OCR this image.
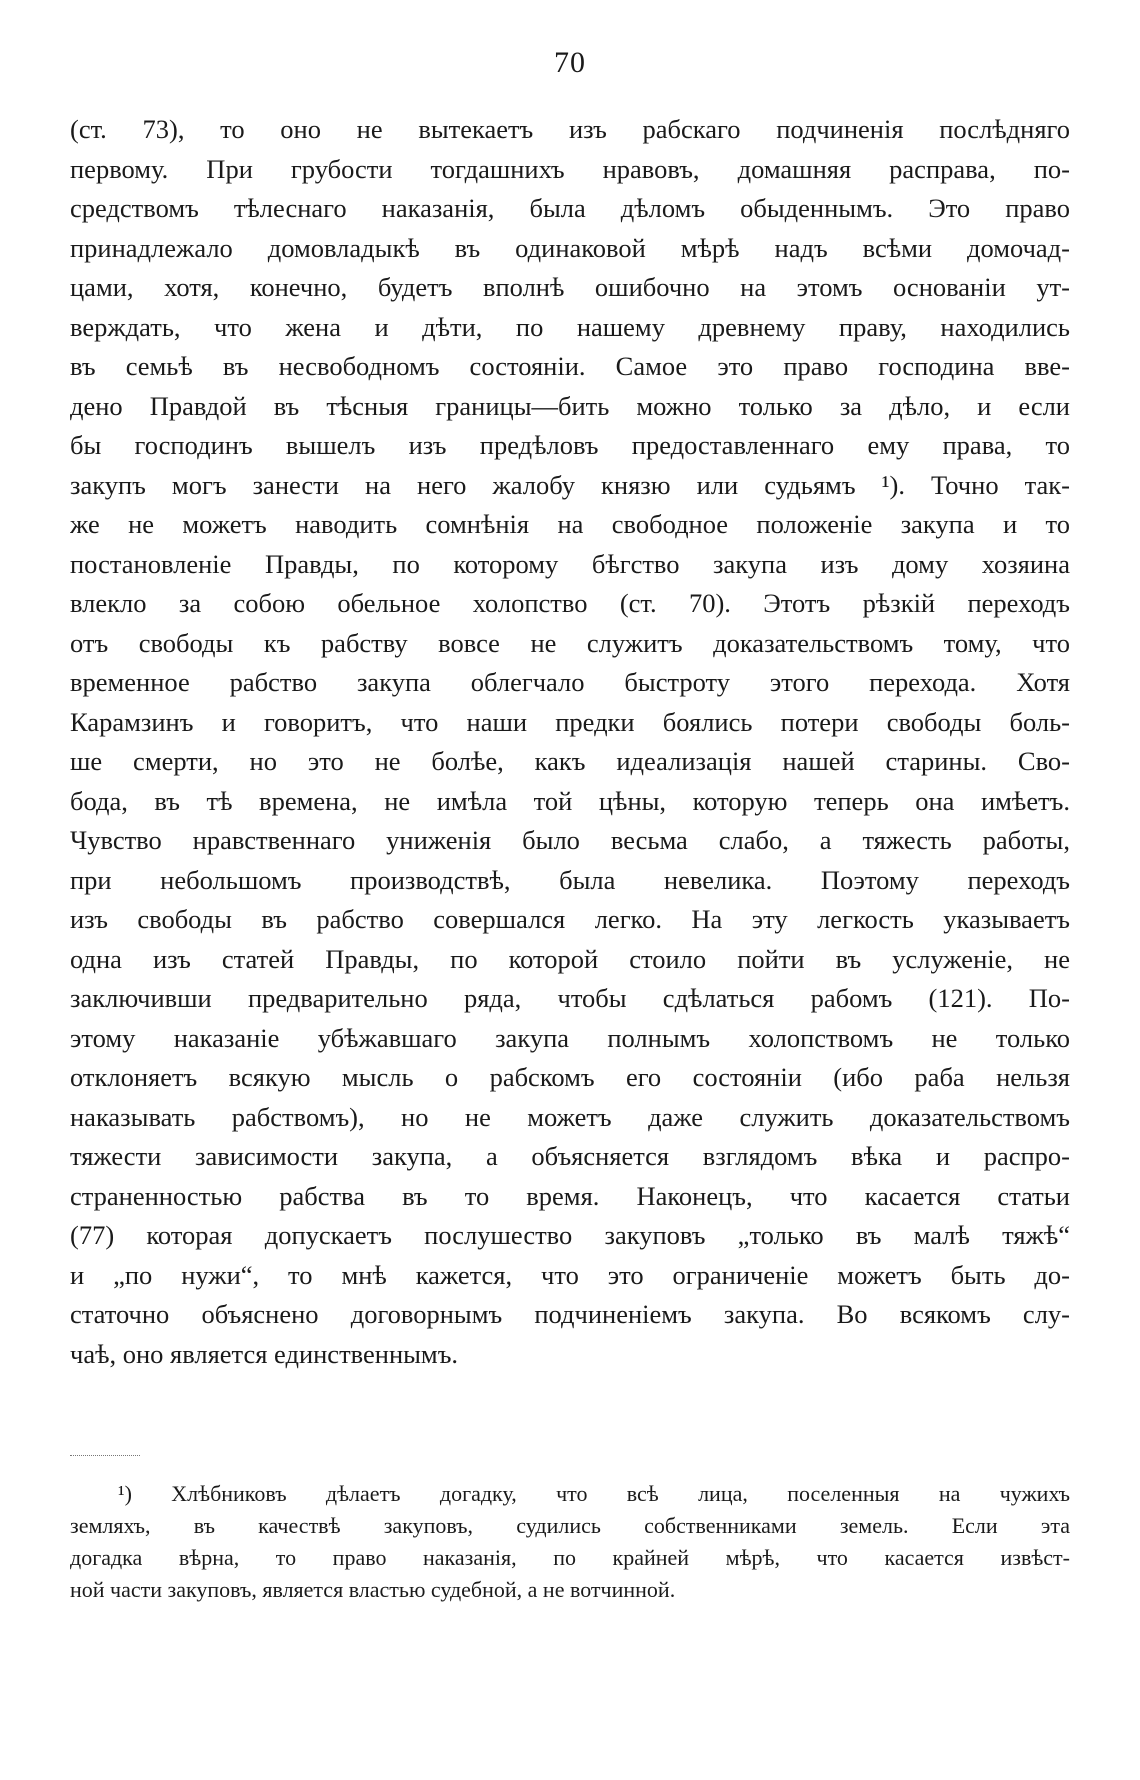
70
(ст. 73), то оно не вытекаетъ изъ рабскаго подчиненія послѣдняго
первому. При грубости тогдашнихъ нравовъ, домашняя расправа, по-
средствомъ тѣлеснаго наказанія, была дѣломъ обыденнымъ. Это право
принадлежало домовладыкѣ въ одинаковой мѣрѣ надъ всѣми домочад-
цами, хотя, конечно, будетъ вполнѣ ошибочно на этомъ основаніи ут-
верждать, что жена и дѣти, по нашему древнему праву, находились
въ семьѣ въ несвободномъ состояніи. Самое это право господина вве-
дено Правдой въ тѣсныя границы—бить можно только за дѣло, и если
бы господинъ вышелъ изъ предѣловъ предоставленнаго ему права, то
закупъ могъ занести на него жалобу князю или судьямъ ¹). Точно так-
же не можетъ наводить сомнѣнія на свободное положеніе закупа и то
постановленіе Правды, по которому бѣгство закупа изъ дому хозяина
влекло за собою обельное холопство (ст. 70). Этотъ рѣзкій переходъ
отъ свободы къ рабству вовсе не служитъ доказательствомъ тому, что
временное рабство закупа облегчало быстроту этого перехода. Хотя
Карамзинъ и говоритъ, что наши предки боялись потери свободы боль-
ше смерти, но это не болѣе, какъ идеализація нашей старины. Сво-
бода, въ тѣ времена, не имѣла той цѣны, которую теперь она имѣетъ.
Чувство нравственнаго униженія было весьма слабо, а тяжесть работы,
при небольшомъ производствѣ, была невелика. Поэтому переходъ
изъ свободы въ рабство совершался легко. На эту легкость указываетъ
одна изъ статей Правды, по которой стоило пойти въ услуженіе, не
заключивши предварительно ряда, чтобы сдѣлаться рабомъ (121). По-
этому наказаніе убѣжавшаго закупа полнымъ холопствомъ не только
отклоняетъ всякую мысль о рабскомъ его состояніи (ибо раба нельзя
наказывать рабствомъ), но не можетъ даже служить доказательствомъ
тяжести зависимости закупа, а объясняется взглядомъ вѣка и распро-
страненностью рабства въ то время. Наконецъ, что касается статьи
(77) которая допускаетъ послушество закуповъ „только въ малѣ тяжѣ“
и „по нужи“, то мнѣ кажется, что это ограниченіе можетъ быть до-
статочно объяснено договорнымъ подчиненіемъ закупа. Во всякомъ слу-
чаѣ, оно является единственнымъ.
¹) Хлѣбниковъ дѣлаетъ догадку, что всѣ лица, поселенныя на чужихъ
земляхъ, въ качествѣ закуповъ, судились собственниками земель. Если эта
догадка вѣрна, то право наказанія, по крайней мѣрѣ, что касается извѣст-
ной части закуповъ, является властью судебной, а не вотчинной.
